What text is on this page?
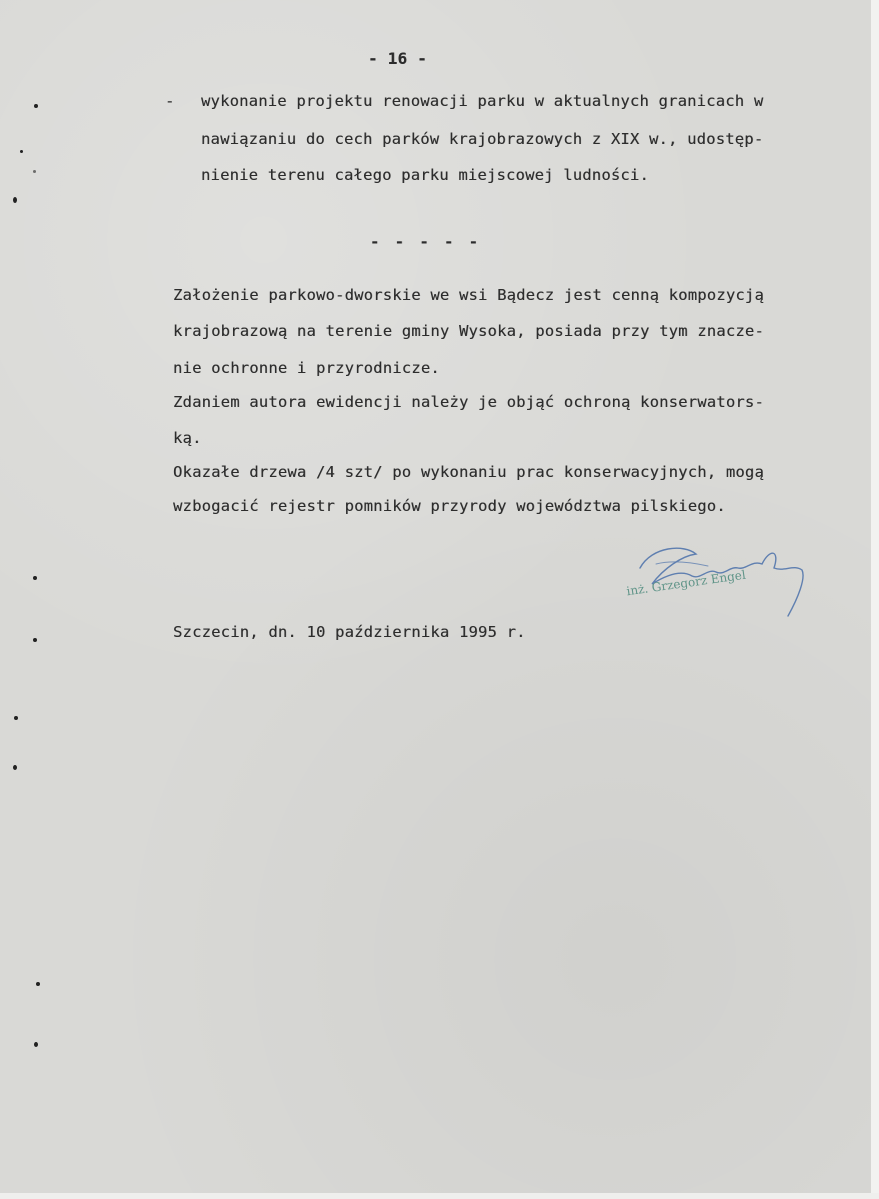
- 16 -
- wykonanie projektu renowacji parku w aktualnych granicach w
nawiązaniu do cech parków krajobrazowych z XIX w., udostęp-
nienie terenu całego parku miejscowej ludności.
- - - - -
Założenie parkowo-dworskie we wsi Bądecz jest cenną kompozycją
krajobrazową na terenie gminy Wysoka, posiada przy tym znacze-
nie ochronne i przyrodnicze.
Zdaniem autora ewidencji należy je objąć ochroną konserwators-
ką.
Okazałe drzewa /4 szt/ po wykonaniu prac konserwacyjnych, mogą
wzbogacić rejestr pomników przyrody województwa pilskiego.
inż. Grzegorz Engel
Szczecin, dn. 10 października 1995 r.
